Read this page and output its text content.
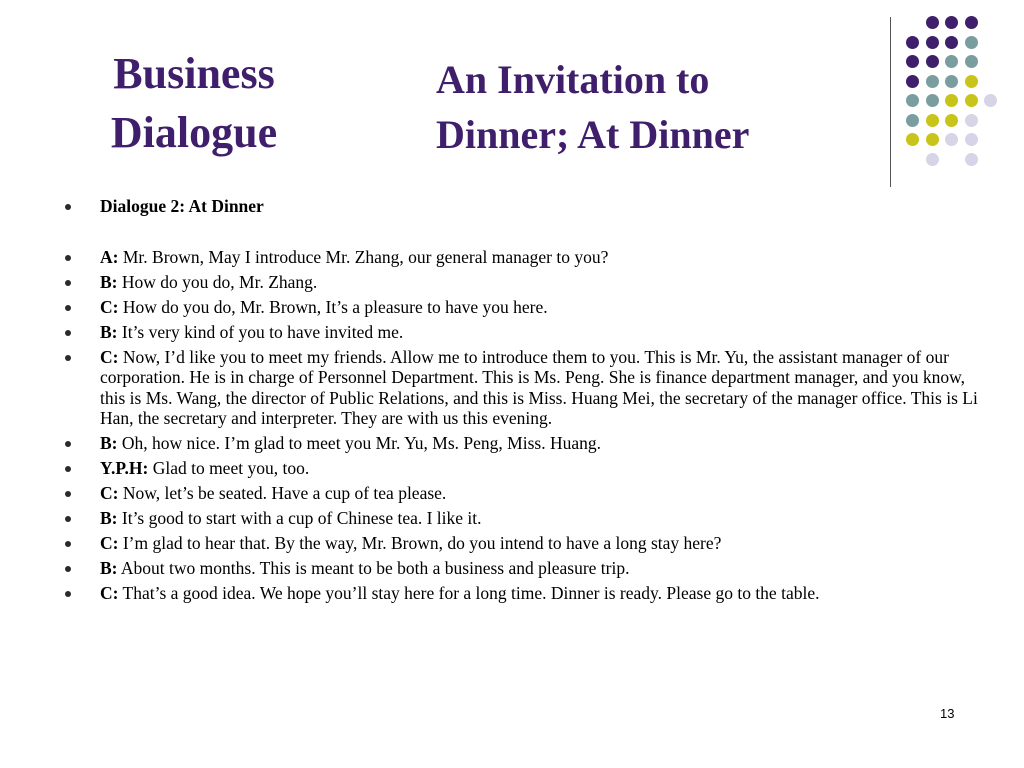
Business
Dialogue
An Invitation to
Dinner; At Dinner
Dialogue 2: At Dinner
A: Mr. Brown, May I introduce Mr. Zhang, our general manager to you?
B: How do you do, Mr. Zhang.
C: How do you do, Mr. Brown, It’s a pleasure to have you here.
B: It’s very kind of you to have invited me.
C: Now, I’d like you to meet my friends. Allow me to introduce them to you. This is Mr. Yu, the assistant manager of our corporation. He is in charge of Personnel Department. This is Ms. Peng. She is finance department manager, and you know, this is Ms. Wang, the director of Public Relations, and this is Miss. Huang Mei, the secretary of the manager office. This is Li Han, the secretary and interpreter. They are with us this evening.
B: Oh, how nice. I’m glad to meet you Mr. Yu, Ms. Peng, Miss. Huang.
Y.P.H: Glad to meet you, too.
C: Now, let’s be seated. Have a cup of tea please.
B: It’s good to start with a cup of Chinese tea. I like it.
C: I’m glad to hear that. By the way, Mr. Brown, do you intend to have a long stay here?
B: About two months. This is meant to be both a business and pleasure trip.
C: That’s a good idea. We hope you’ll stay here for a long time. Dinner is ready. Please go to the table.
13
